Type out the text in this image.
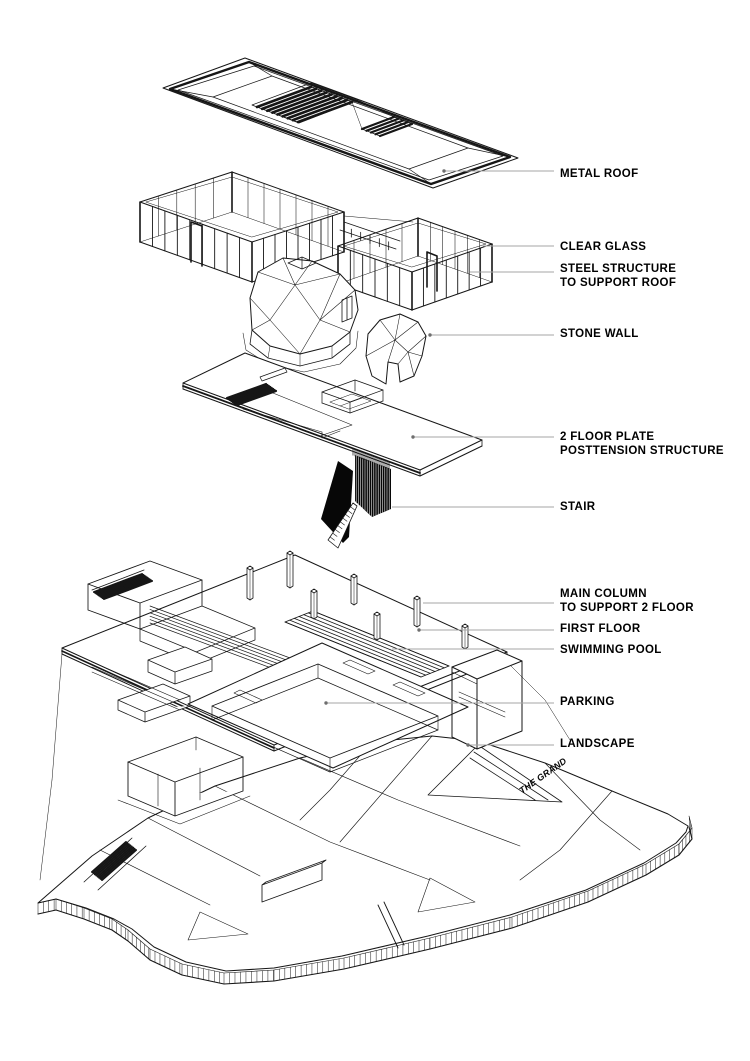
THE GRAND
METAL ROOF
CLEAR GLASS
STEEL STRUCTURE
TO SUPPORT ROOF
STONE WALL
2 FLOOR PLATE
POSTTENSION STRUCTURE
STAIR
MAIN COLUMN
TO SUPPORT 2 FLOOR
FIRST FLOOR
SWIMMING POOL
PARKING
LANDSCAPE
